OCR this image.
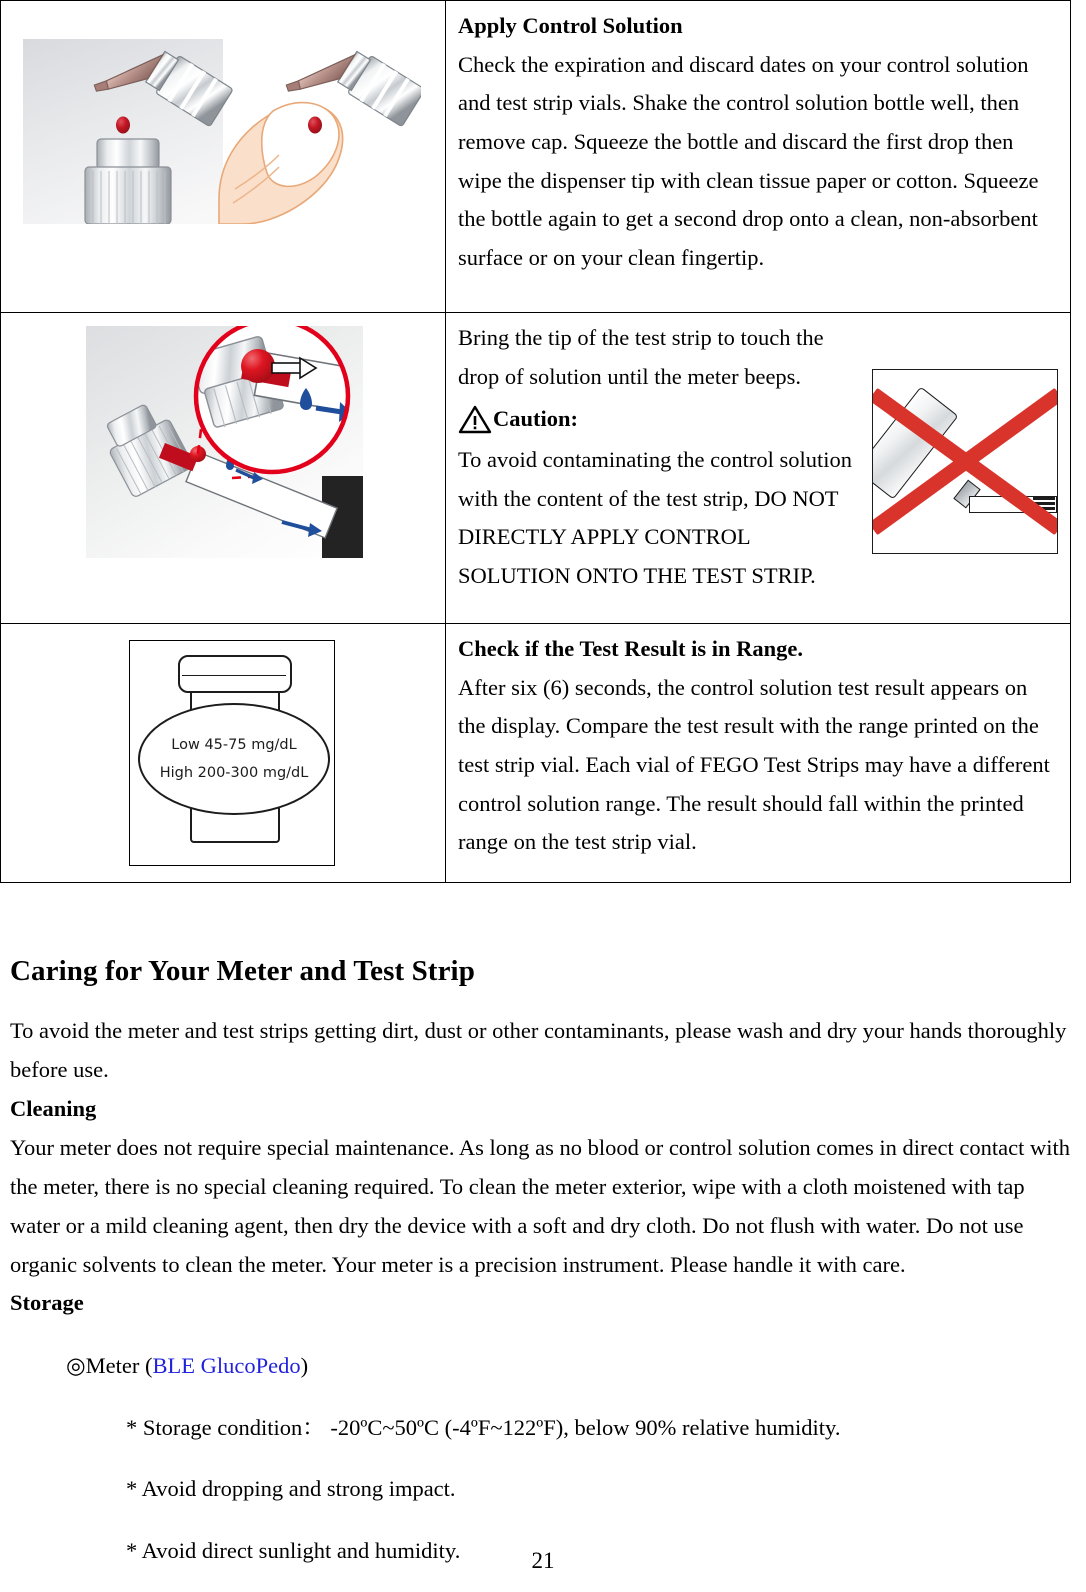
Apply Control Solution

Check the expiration and discard dates on your control solution and test strip vials. Shake the control solution bottle well, then remove cap. Squeeze the bottle and discard the first drop then wipe the dispenser tip with clean tissue paper or cotton. Squeeze the bottle again to get a second drop onto a clean, non-absorbent surface or on your clean fingertip.

Bring the tip of the test strip to touch the drop of solution until the meter beeps.

Caution:

To avoid contaminating the control solution with the content of the test strip, DO NOT DIRECTLY APPLY CONTROL SOLUTION ONTO THE TEST STRIP.

Low 45-75 mg/dL
High 200-300 mg/dL

Check if the Test Result is in Range.

After six (6) seconds, the control solution test result appears on the display. Compare the test result with the range printed on the test strip vial. Each vial of FEGO Test Strips may have a different control solution range. The result should fall within the printed range on the test strip vial.

Caring for Your Meter and Test Strip

To avoid the meter and test strips getting dirt, dust or other contaminants, please wash and dry your hands thoroughly before use.

Cleaning

Your meter does not require special maintenance. As long as no blood or control solution comes in direct contact with the meter, there is no special cleaning required. To clean the meter exterior, wipe with a cloth moistened with tap water or a mild cleaning agent, then dry the device with a soft and dry cloth. Do not flush with water. Do not use organic solvents to clean the meter. Your meter is a precision instrument. Please handle it with care.

Storage

◎Meter (BLE GlucoPedo)

* Storage condition： -20ºC~50ºC (-4ºF~122ºF), below 90% relative humidity.

* Avoid dropping and strong impact.

* Avoid direct sunlight and humidity.	21
